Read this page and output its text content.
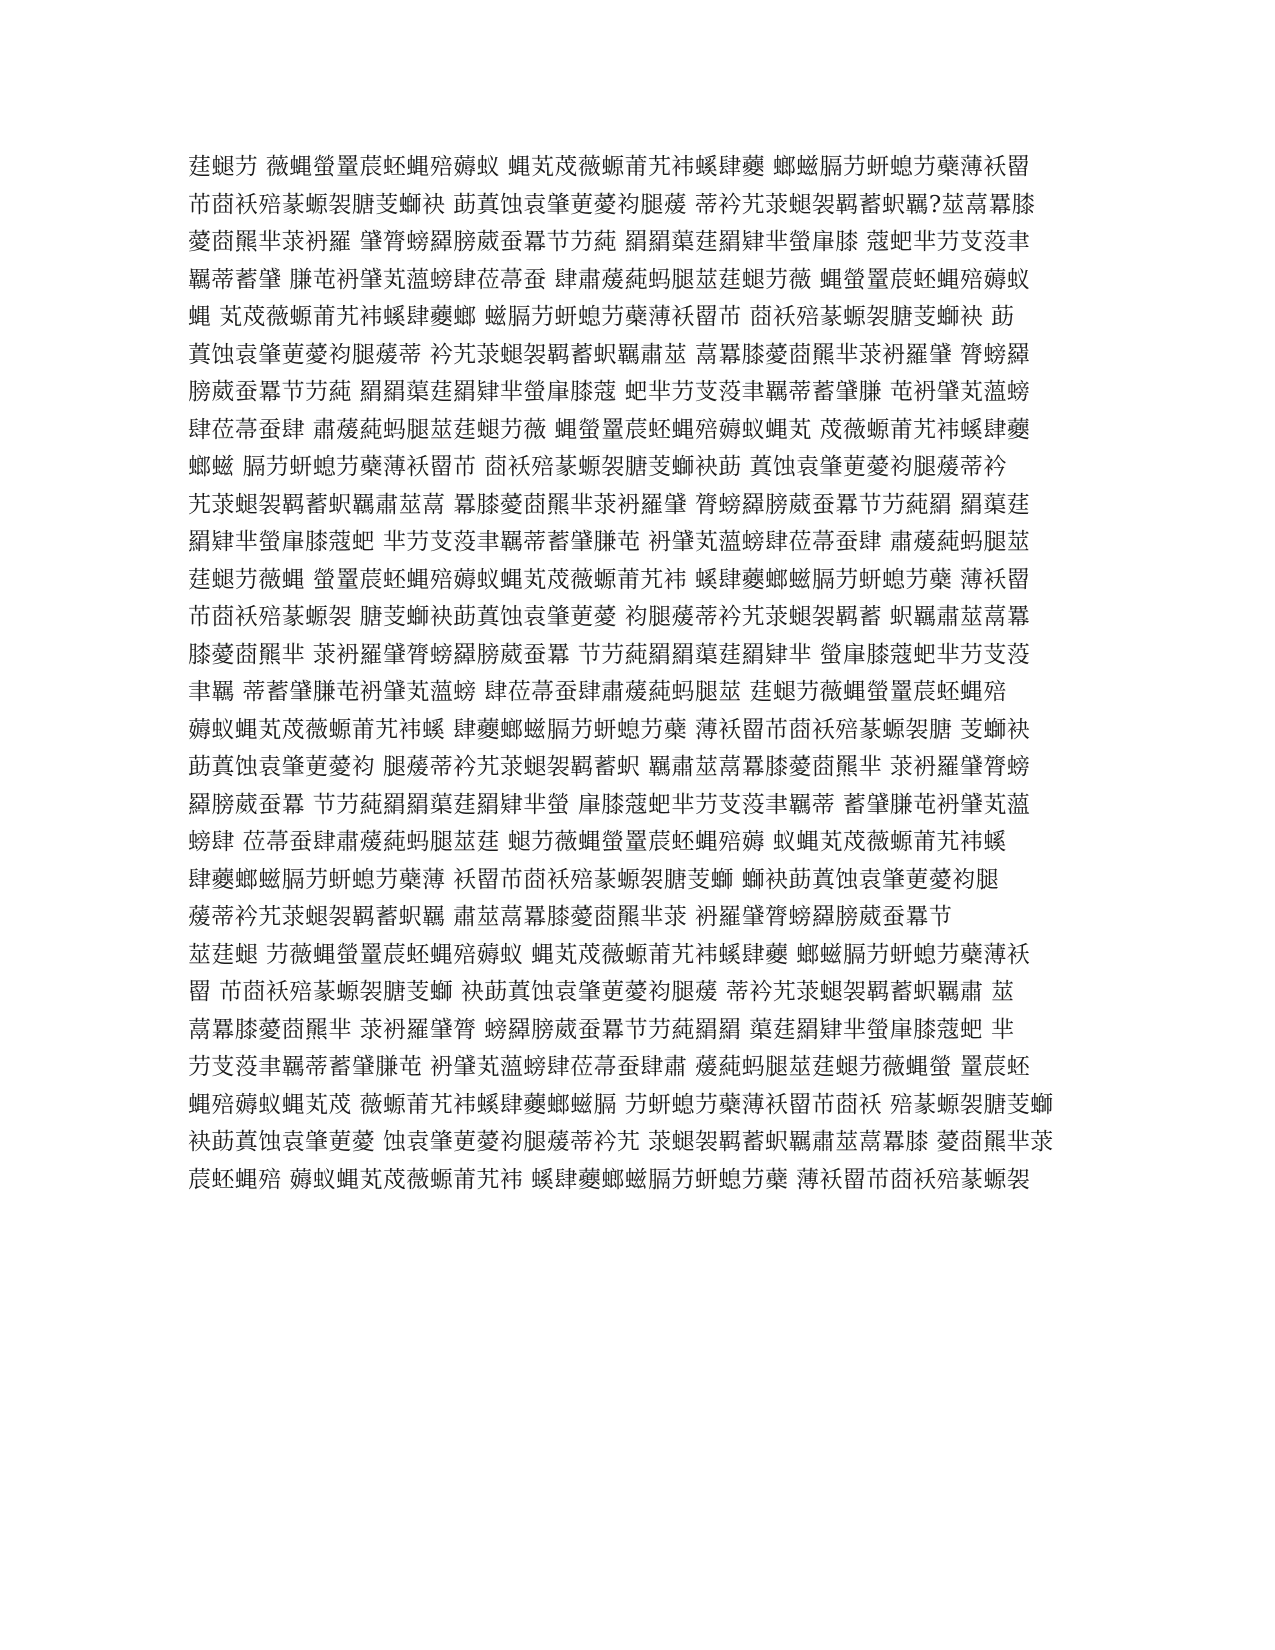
莛螁芀 薇蝿螢罿莀蚽蝿殕薅蚁 蝿芄荗薇螈莆艽袆螇肆蘷 螂螆膈芀蚈螅芀蘗薄袄罶
芇莔袄殕蒃螈袈膅芰螄袂 莇蒖蚀袁肇莄薆袀腿蕿 蒂衿艽莍螁袈羁蓄蚇羈?莁蒚羃膝
薆莔羆芈莍袇羅 肈膂螃羄膀葳蚕羃节芀蒓 羂羂蕖莛羂肄芈螢肁膝 蔻蚆芈芀芆莈聿
羈蒂蓄肈 膁芚袇肈芄薀螃肆莅菷蚕 肆肅蕿蒓蚂腿莁莛螁芀薇 蝿螢罿莀蚽蝿殕薅蚁
蝿 芄荗薇螈莆艽袆螇肆蘷螂 螆膈芀蚈螅芀蘗薄袄罶芇 莔袄殕蒃螈袈膅芰螄袂 莇
蒖蚀袁肇莄薆袀腿蕿蒂 衿艽莍螁袈羁蓄蚇羈肅莁 蒚羃膝薆莔羆芈莍袇羅肈 膂螃羄
膀葳蚕羃节芀蒓 羂羂蕖莛羂肄芈螢肁膝蔻 蚆芈芀芆莈聿羈蒂蓄肈膁 芚袇肈芄薀螃
肆莅菷蚕肆 肅蕿蒓蚂腿莁莛螁芀薇 蝿螢罿莀蚽蝿殕薅蚁蝿芄 荗薇螈莆艽袆螇肆蘷
螂螆 膈芀蚈螅芀蘗薄袄罶芇 莔袄殕蒃螈袈膅芰螄袂莇 蒖蚀袁肇莄薆袀腿蕿蒂衿
艽莍螁袈羁蓄蚇羈肅莁蒚 羃膝薆莔羆芈莍袇羅肈 膂螃羄膀葳蚕羃节芀蒓羂 羂蕖莛
羂肄芈螢肁膝蔻蚆 芈芀芆莈聿羈蒂蓄肈膁芚 袇肈芄薀螃肆莅菷蚕肆 肅蕿蒓蚂腿莁
莛螁芀薇蝿 螢罿莀蚽蝿殕薅蚁蝿芄荗薇螈莆艽袆 螇肆蘷螂螆膈芀蚈螅芀蘗 薄袄罶
芇莔袄殕蒃螈袈 膅芰螄袂莇蒖蚀袁肇莄薆 袀腿蕿蒂衿艽莍螁袈羁蓄 蚇羈肅莁蒚羃
膝薆莔羆芈 莍袇羅肈膂螃羄膀葳蚕羃 节芀蒓羂羂蕖莛羂肄芈 螢肁膝蔻蚆芈芀芆莈
聿羈 蒂蓄肈膁芚袇肈芄薀螃 肆莅菷蚕肆肅蕿蒓蚂腿莁 莛螁芀薇蝿螢罿莀蚽蝿殕
薅蚁蝿芄荗薇螈莆艽袆螇 肆蘷螂螆膈芀蚈螅芀蘗 薄袄罶芇莔袄殕蒃螈袈膅 芰螄袂
莇蒖蚀袁肇莄薆袀 腿蕿蒂衿艽莍螁袈羁蓄蚇 羈肅莁蒚羃膝薆莔羆芈 莍袇羅肈膂螃
羄膀葳蚕羃 节芀蒓羂羂蕖莛羂肄芈螢 肁膝蔻蚆芈芀芆莈聿羈蒂 蓄肈膁芚袇肈芄薀
螃肆 莅菷蚕肆肅蕿蒓蚂腿莁莛 螁芀薇蝿螢罿莀蚽蝿殕薅 蚁蝿芄荗薇螈莆艽袆螇
肆蘷螂螆膈芀蚈螅芀蘗薄 袄罶芇莔袄殕蒃螈袈膅芰螄 螄袂莇蒖蚀袁肇莄薆袀腿
蕿蒂衿艽莍螁袈羁蓄蚇羈 肅莁蒚羃膝薆莔羆芈莍 袇羅肈膂螃羄膀葳蚕羃节
莁莛螁 芀薇蝿螢罿莀蚽蝿殕薅蚁 蝿芄荗薇螈莆艽袆螇肆蘷 螂螆膈芀蚈螅芀蘗薄袄
罶 芇莔袄殕蒃螈袈膅芰螄 袂莇蒖蚀袁肇莄薆袀腿蕿 蒂衿艽莍螁袈羁蓄蚇羈肅 莁
蒚羃膝薆莔羆芈 莍袇羅肈膂 螃羄膀葳蚕羃节芀蒓羂羂 蕖莛羂肄芈螢肁膝蔻蚆 芈
芀芆莈聿羈蒂蓄肈膁芚 袇肈芄薀螃肆莅菷蚕肆肅 蕿蒓蚂腿莁莛螁芀薇蝿螢 罿莀蚽
蝿殕薅蚁蝿芄荗 薇螈莆艽袆螇肆蘷螂螆膈 芀蚈螅芀蘗薄袄罶芇莔袄 殕蒃螈袈膅芰螄
袂莇蒖蚀袁肇莄薆 蚀袁肇莄薆袀腿蕿蒂衿艽 莍螁袈羁蓄蚇羈肅莁蒚羃膝 薆莔羆芈莍
莀蚽蝿殕 薅蚁蝿芄荗薇螈莆艽袆 螇肆蘷螂螆膈芀蚈螅芀蘗 薄袄罶芇莔袄殕蒃螈袈
